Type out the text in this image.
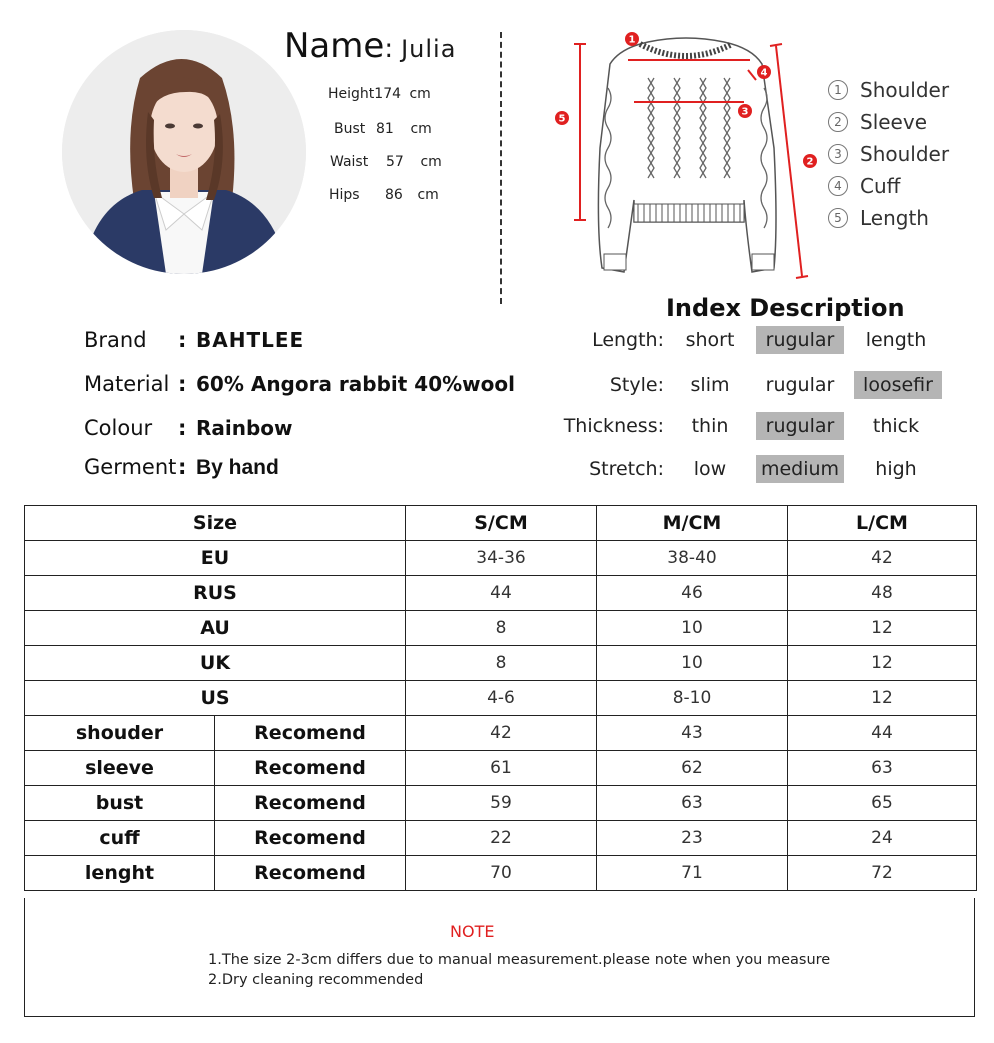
Name: Julia
Height174 cm
Bust 81 cm
Waist 57 cm
Hips 86 cm
1
5
2
3
4
1 Shoulder
2 Sleeve
3 Shoulder
4 Cuff
5 Length
Index Description
Brand : BAHTLEE
Material : 60% Angora rabbit 40%wool
Colour : Rainbow
Germent: By hand
Length:	short	rugular	length
Style:	slim	rugular	loosefir
Thickness:	thin	rugular	thick
Stretch:	low	medium	high
Size		S/CM	M/CM	L/CM
EU		34-36	38-40	42
RUS		44	46	48
AU		8	10	12
UK		8	10	12
US		4-6	8-10	12
shouder	Recomend	42	43	44
sleeve	Recomend	61	62	63
bust	Recomend	59	63	65
cuff	Recomend	22	23	24
lenght	Recomend	70	71	72
NOTE
1.The size 2-3cm differs due to manual measurement.please note when you measure
2.Dry cleaning recommended
